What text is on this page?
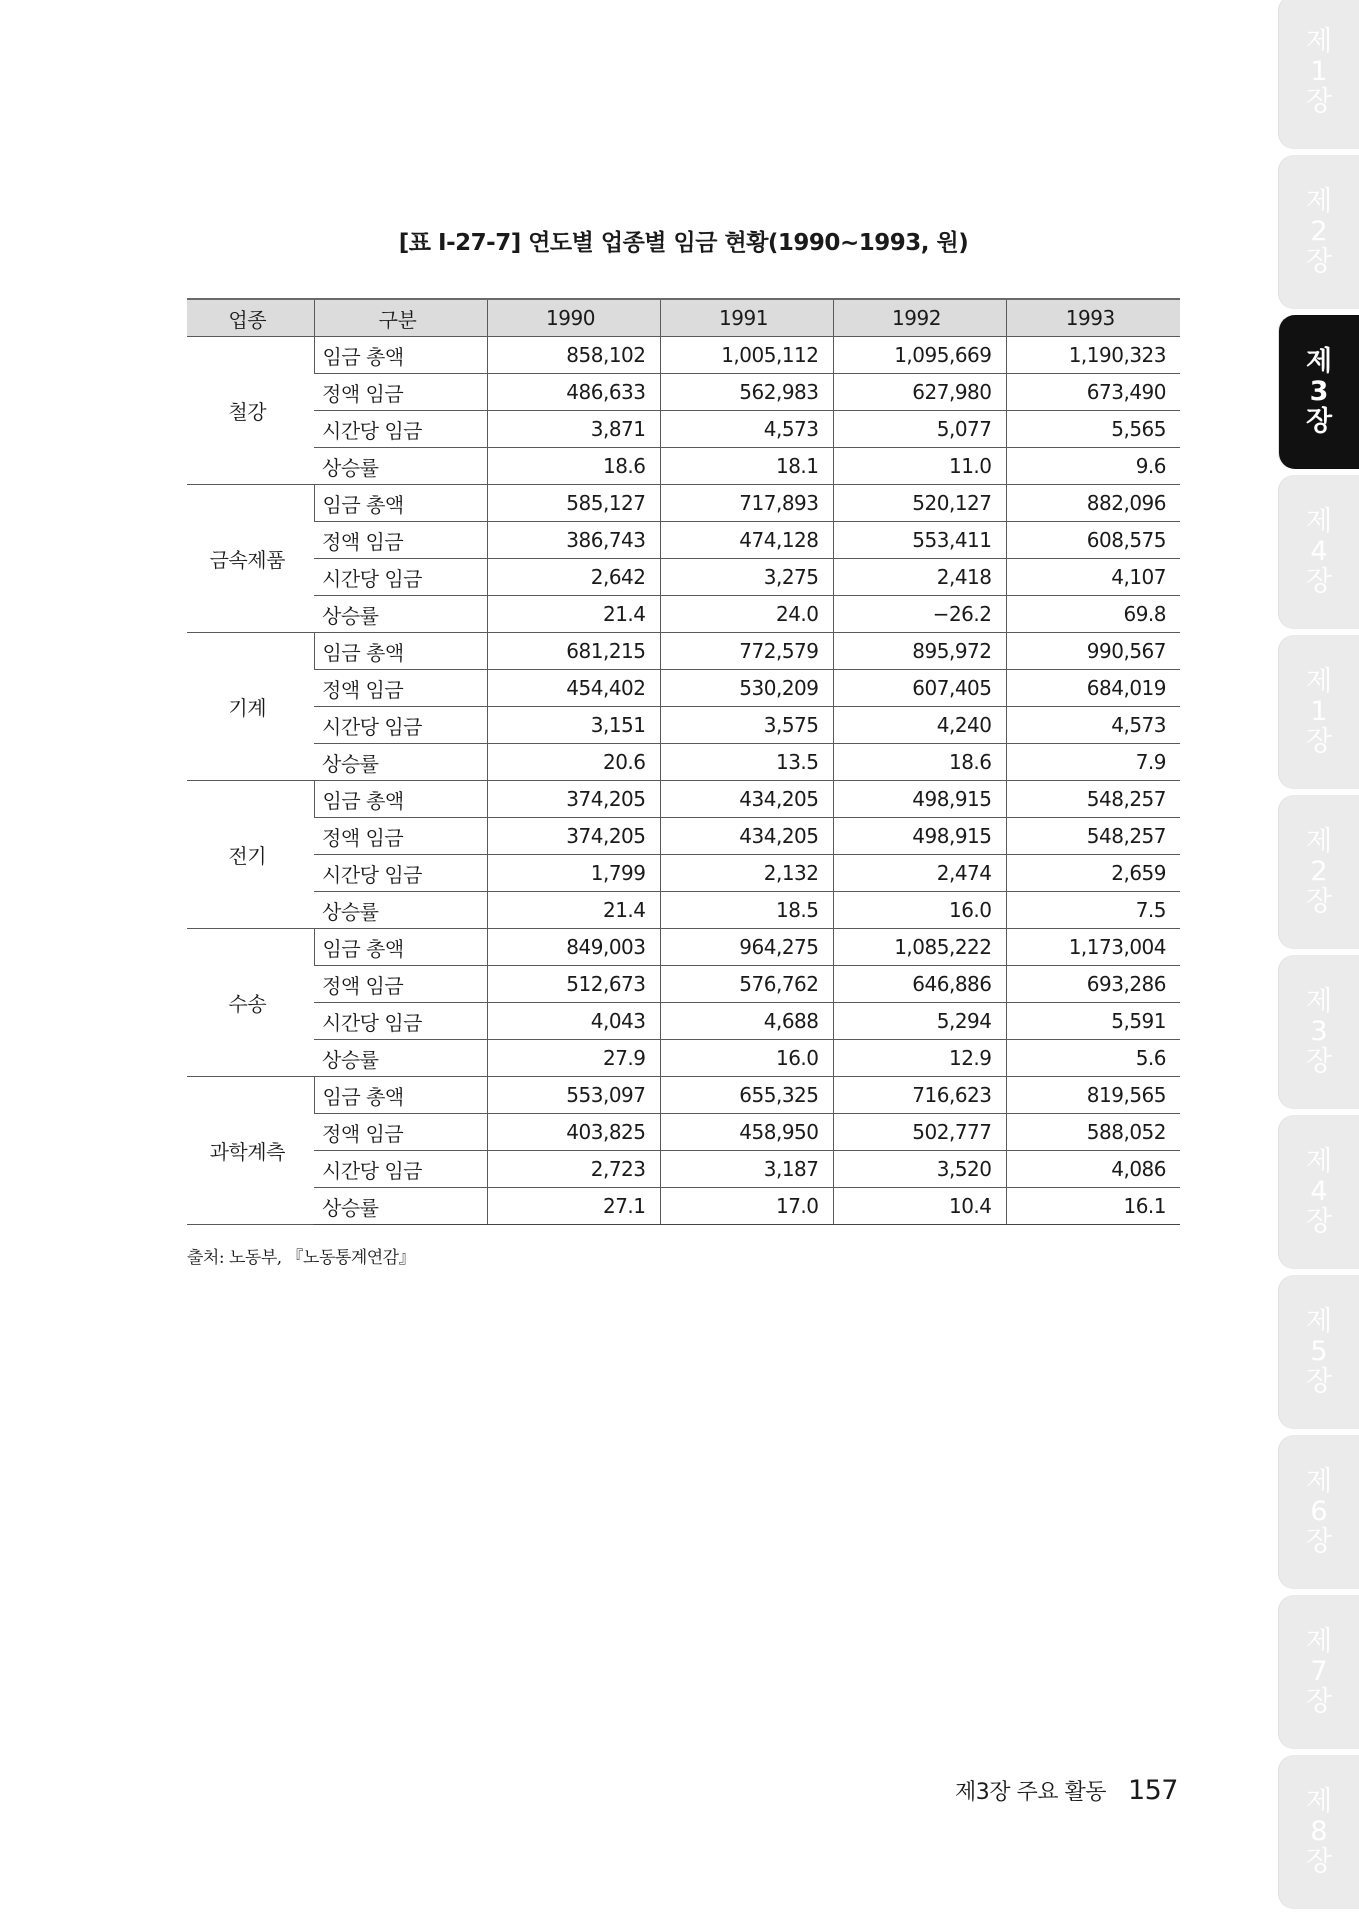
[표 Ⅰ-27-7] 연도별 업종별 임금 현황(1990~1993, 원)
업종	구분	1990	1991	1992	1993
철강	임금 총액	858,102	1,005,112	1,095,669	1,190,323
	정액 임금	486,633	562,983	627,980	673,490
	시간당 임금	3,871	4,573	5,077	5,565
	상승률	18.6	18.1	11.0	9.6
금속제품	임금 총액	585,127	717,893	520,127	882,096
	정액 임금	386,743	474,128	553,411	608,575
	시간당 임금	2,642	3,275	2,418	4,107
	상승률	21.4	24.0	−26.2	69.8
기계	임금 총액	681,215	772,579	895,972	990,567
	정액 임금	454,402	530,209	607,405	684,019
	시간당 임금	3,151	3,575	4,240	4,573
	상승률	20.6	13.5	18.6	7.9
전기	임금 총액	374,205	434,205	498,915	548,257
	정액 임금	374,205	434,205	498,915	548,257
	시간당 임금	1,799	2,132	2,474	2,659
	상승률	21.4	18.5	16.0	7.5
수송	임금 총액	849,003	964,275	1,085,222	1,173,004
	정액 임금	512,673	576,762	646,886	693,286
	시간당 임금	4,043	4,688	5,294	5,591
	상승률	27.9	16.0	12.9	5.6
과학계측	임금 총액	553,097	655,325	716,623	819,565
	정액 임금	403,825	458,950	502,777	588,052
	시간당 임금	2,723	3,187	3,520	4,086
	상승률	27.1	17.0	10.4	16.1
출처: 노동부, 『노동통계연감』
제3장 주요 활동 157
제
1
장
제
2
장
제
3
장
제
4
장
제
1
장
제
2
장
제
3
장
제
4
장
제
5
장
제
6
장
제
7
장
제
8
장
